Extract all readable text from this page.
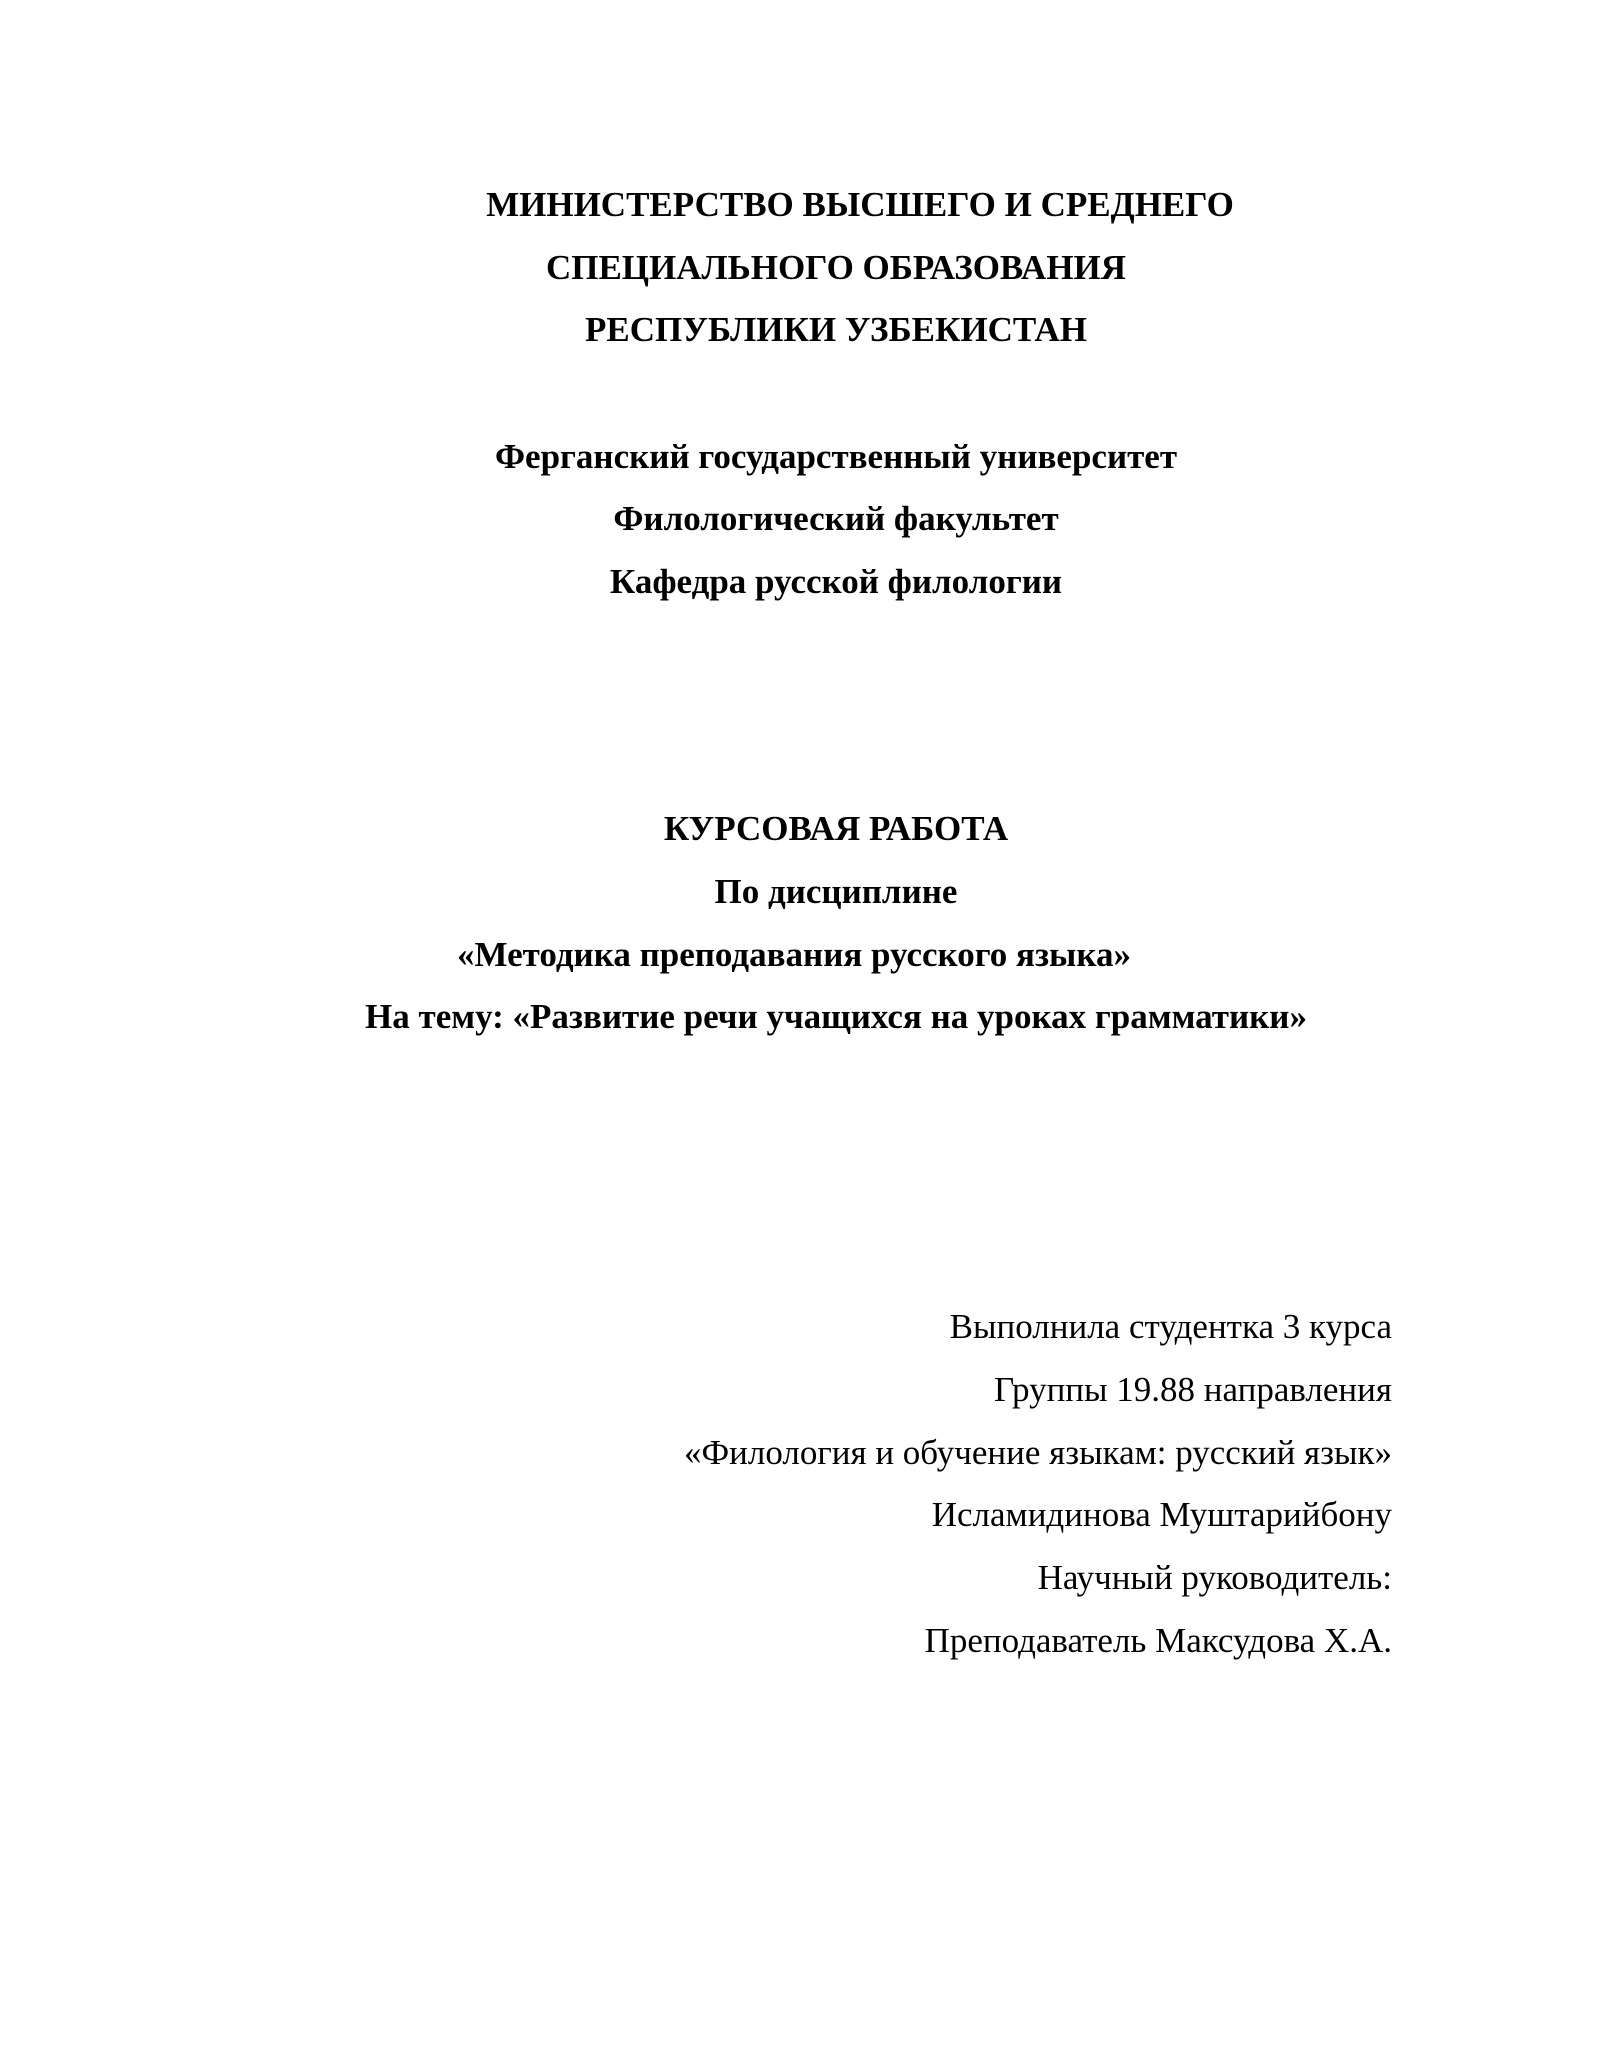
МИНИСТЕРСТВО ВЫСШЕГО И СРЕДНЕГО
СПЕЦИАЛЬНОГО ОБРАЗОВАНИЯ
РЕСПУБЛИКИ УЗБЕКИСТАН
Ферганский государственный университет
Филологический факультет
Кафедра русской филологии
КУРСОВАЯ РАБОТА
По дисциплине
«Методика преподавания русского языка»
На тему: «Развитие речи учащихся на уроках грамматики»
Выполнила студентка 3 курса
Группы 19.88 направления
«Филология и обучение языкам: русский язык»
Исламидинова Муштарийбону
Научный руководитель:
Преподаватель Максудова Х.А.
